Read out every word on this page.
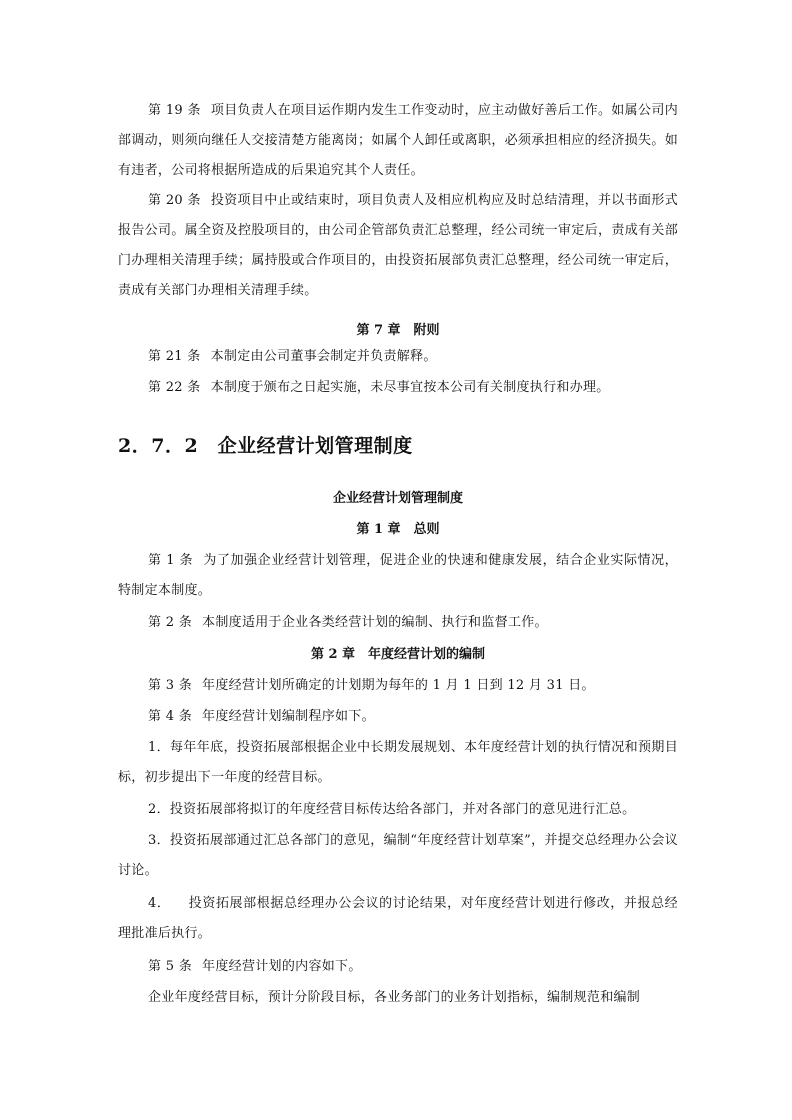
第 19 条 项目负责人在项目运作期内发生工作变动时，应主动做好善后工作。如属公司内部调动，则须向继任人交接清楚方能离岗；如属个人卸任或离职，必须承担相应的经济损失。如有违者，公司将根据所造成的后果追究其个人责任。

第 20 条 投资项目中止或结束时，项目负责人及相应机构应及时总结清理，并以书面形式报告公司。属全资及控股项目的，由公司企管部负责汇总整理，经公司统一审定后，责成有关部门办理相关清理手续；属持股或合作项目的，由投资拓展部负责汇总整理，经公司统一审定后，责成有关部门办理相关清理手续。

第 7 章　附则

第 21 条 本制定由公司董事会制定并负责解释。

第 22 条 本制度于颁布之日起实施，未尽事宜按本公司有关制度执行和办理。

2．7．2　企业经营计划管理制度

企业经营计划管理制度

第 1 章　总则

第 1 条 为了加强企业经营计划管理，促进企业的快速和健康发展，结合企业实际情况，特制定本制度。

第 2 条 本制度适用于企业各类经营计划的编制、执行和监督工作。

第 2 章　年度经营计划的编制

第 3 条 年度经营计划所确定的计划期为每年的 1 月 1 日到 12 月 31 日。

第 4 条 年度经营计划编制程序如下。

1．每年年底，投资拓展部根据企业中长期发展规划、本年度经营计划的执行情况和预期目标，初步提出下一年度的经营目标。

2．投资拓展部将拟订的年度经营目标传达给各部门，并对各部门的意见进行汇总。

3．投资拓展部通过汇总各部门的意见，编制“年度经营计划草案”，并提交总经理办公会议讨论。

4． 投资拓展部根据总经理办公会议的讨论结果，对年度经营计划进行修改，并报总经理批准后执行。

第 5 条 年度经营计划的内容如下。

企业年度经营目标，预计分阶段目标，各业务部门的业务计划指标，编制规范和编制
